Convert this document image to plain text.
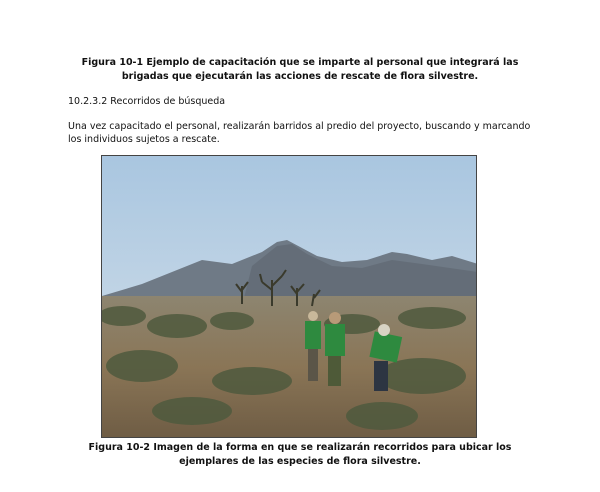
Figura 10-1 Ejemplo de capacitación que se imparte al personal que integrará las
brigadas que ejecutarán las acciones de rescate de flora silvestre.
10.2.3.2 Recorridos de búsqueda
Una vez capacitado el personal, realizarán barridos al predio del proyecto, buscando y marcando
los individuos sujetos a rescate.
Figura 10-2 Imagen de la forma en que se realizarán recorridos para ubicar los
ejemplares de las especies de flora silvestre.
